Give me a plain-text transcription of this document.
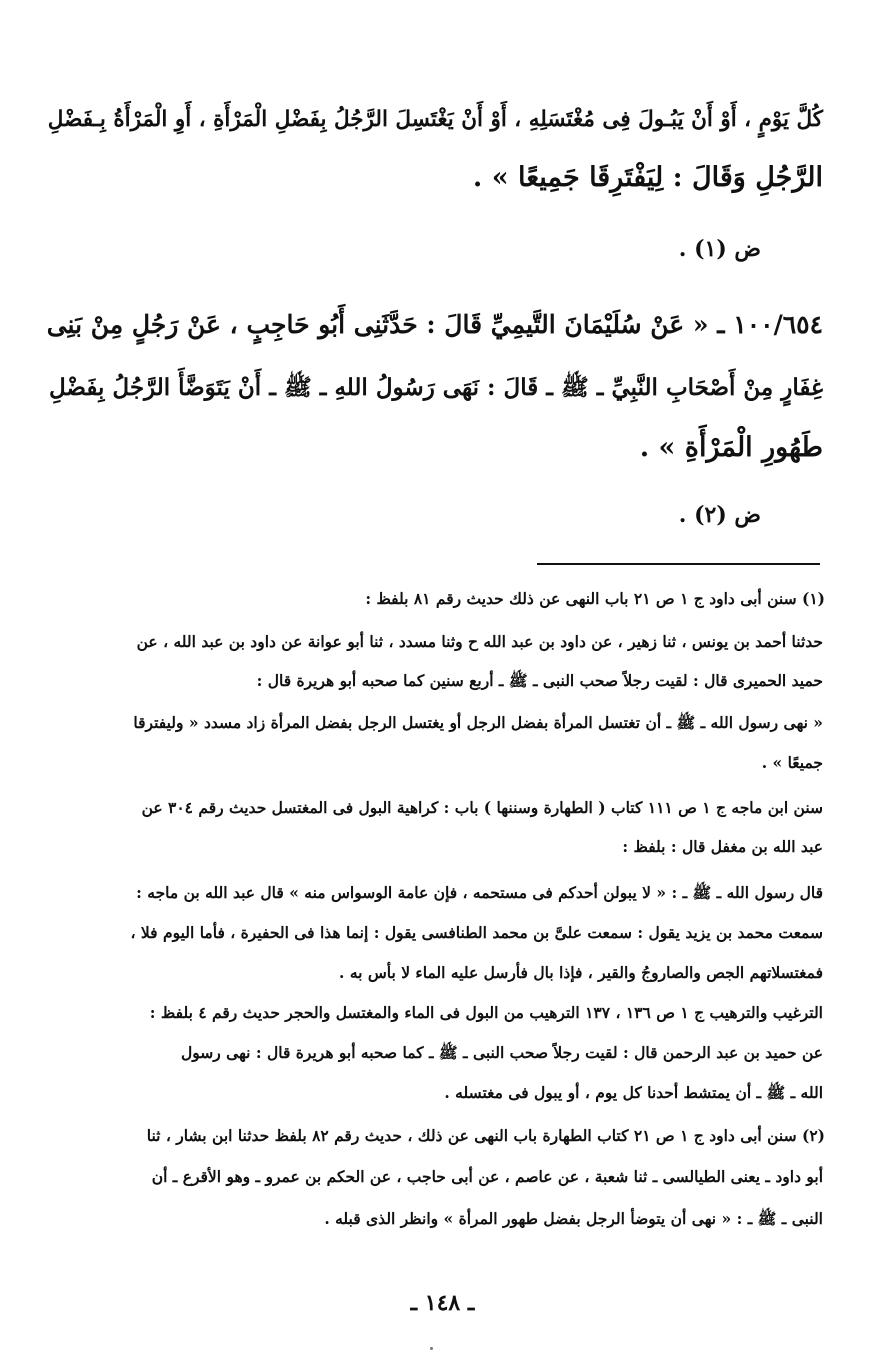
كُلَّ يَوْمٍ ، أَوْ أَنْ يَبُـولَ فِى مُغْتَسَلِهِ ، أَوْ أَنْ يَغْتَسِلَ الرَّجُلُ بِفَضْلِ الْمَرْأَةِ ، أَوِ الْمَرْأَةُ بِـفَضْلِ
الرَّجُلِ وَقَالَ : لِيَفْتَرِقَا جَمِيعًا » .
ض (١) .
١٠٠/٦٥٤ ـ « عَنْ سُلَيْمَانَ التَّيمِيِّ قَالَ : حَدَّثَنِى أَبُو حَاجِبٍ ، عَنْ رَجُلٍ مِنْ بَنِى
غِفَارٍ مِنْ أَصْحَابِ النَّبِيِّ ـ ﷺ ـ قَالَ : نَهَى رَسُولُ اللهِ ـ ﷺ ـ أَنْ يَتَوَضَّأَ الرَّجُلُ بِفَضْلِ
طَهُورِ الْمَرْأَةِ » .
ض (٢) .
(١) سنن أبى داود ج ١ ص ٢١ باب النهى عن ذلك حديث رقم ٨١ بلفظ :
حدثنا أحمد بن يونس ، ثنا زهير ، عن داود بن عبد الله ح وثنا مسدد ، ثنا أبو عوانة عن داود بن عبد الله ، عن
حميد الحميرى قال : لقيت رجلاً صحب النبى ـ ﷺ ـ أربع سنين كما صحبه أبو هريرة قال :
« نهى رسول الله ـ ﷺ ـ أن تغتسل المرأة بفضل الرجل أو يغتسل الرجل بفضل المرأة زاد مسدد « وليفترقا
جميعًا » .
سنن ابن ماجه ج ١ ص ١١١ كتاب ( الطهارة وسننها ) باب : كراهية البول فى المغتسل حديث رقم ٣٠٤ عن
عبد الله بن مغفل قال : بلفظ :
قال رسول الله ـ ﷺ ـ : « لا يبولن أحدكم فى مستحمه ، فإن عامة الوسواس منه » قال عبد الله بن ماجه :
سمعت محمد بن يزيد يقول : سمعت علىَّ بن محمد الطنافسى يقول : إنما هذا فى الحفيرة ، فأما اليوم فلا ،
فمغتسلاتهم الجص والصاروجُ والقير ، فإذا بال فأرسل عليه الماء لا بأس به .
الترغيب والترهيب ج ١ ص ١٣٦ ، ١٣٧ الترهيب من البول فى الماء والمغتسل والحجر حديث رقم ٤ بلفظ :
عن حميد بن عبد الرحمن قال : لقيت رجلاً صحب النبى ـ ﷺ ـ كما صحبه أبو هريرة قال : نهى رسول
الله ـ ﷺ ـ أن يمتشط أحدنا كل يوم ، أو يبول فى مغتسله .
(٢) سنن أبى داود ج ١ ص ٢١ كتاب الطهارة باب النهى عن ذلك ، حديث رقم ٨٢ بلفظ حدثنا ابن بشار ، ثنا
أبو داود ـ يعنى الطيالسى ـ ثنا شعبة ، عن عاصم ، عن أبى حاجب ، عن الحكم بن عمرو ـ وهو الأقرع ـ أن
النبى ـ ﷺ ـ : « نهى أن يتوضأ الرجل بفضل طهور المرأة » وانظر الذى قبله .
ـ ١٤٨ ـ
